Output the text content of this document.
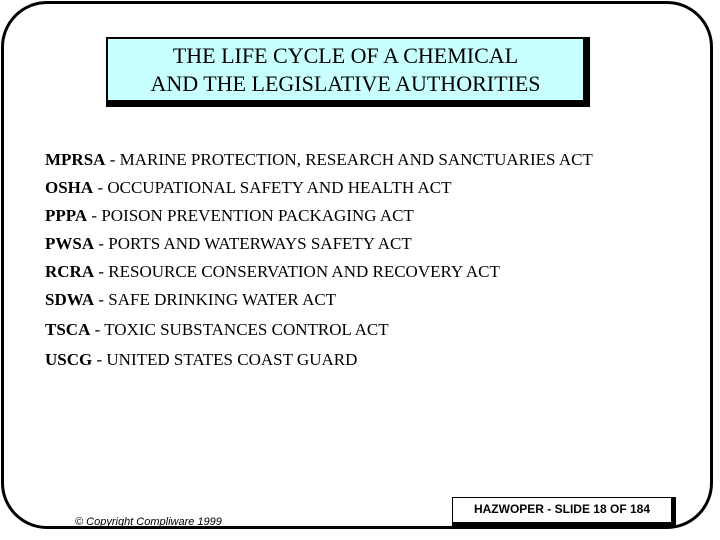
THE LIFE CYCLE OF A CHEMICAL
AND THE LEGISLATIVE AUTHORITIES
MPRSA - MARINE PROTECTION, RESEARCH AND SANCTUARIES ACT
OSHA - OCCUPATIONAL SAFETY AND HEALTH ACT
PPPA - POISON PREVENTION PACKAGING ACT
PWSA - PORTS AND WATERWAYS SAFETY ACT
RCRA - RESOURCE CONSERVATION AND RECOVERY ACT
SDWA - SAFE DRINKING WATER ACT
TSCA - TOXIC SUBSTANCES CONTROL ACT
USCG - UNITED STATES COAST GUARD
© Copyright Compliware 1999
HAZWOPER - SLIDE 18 OF 184
